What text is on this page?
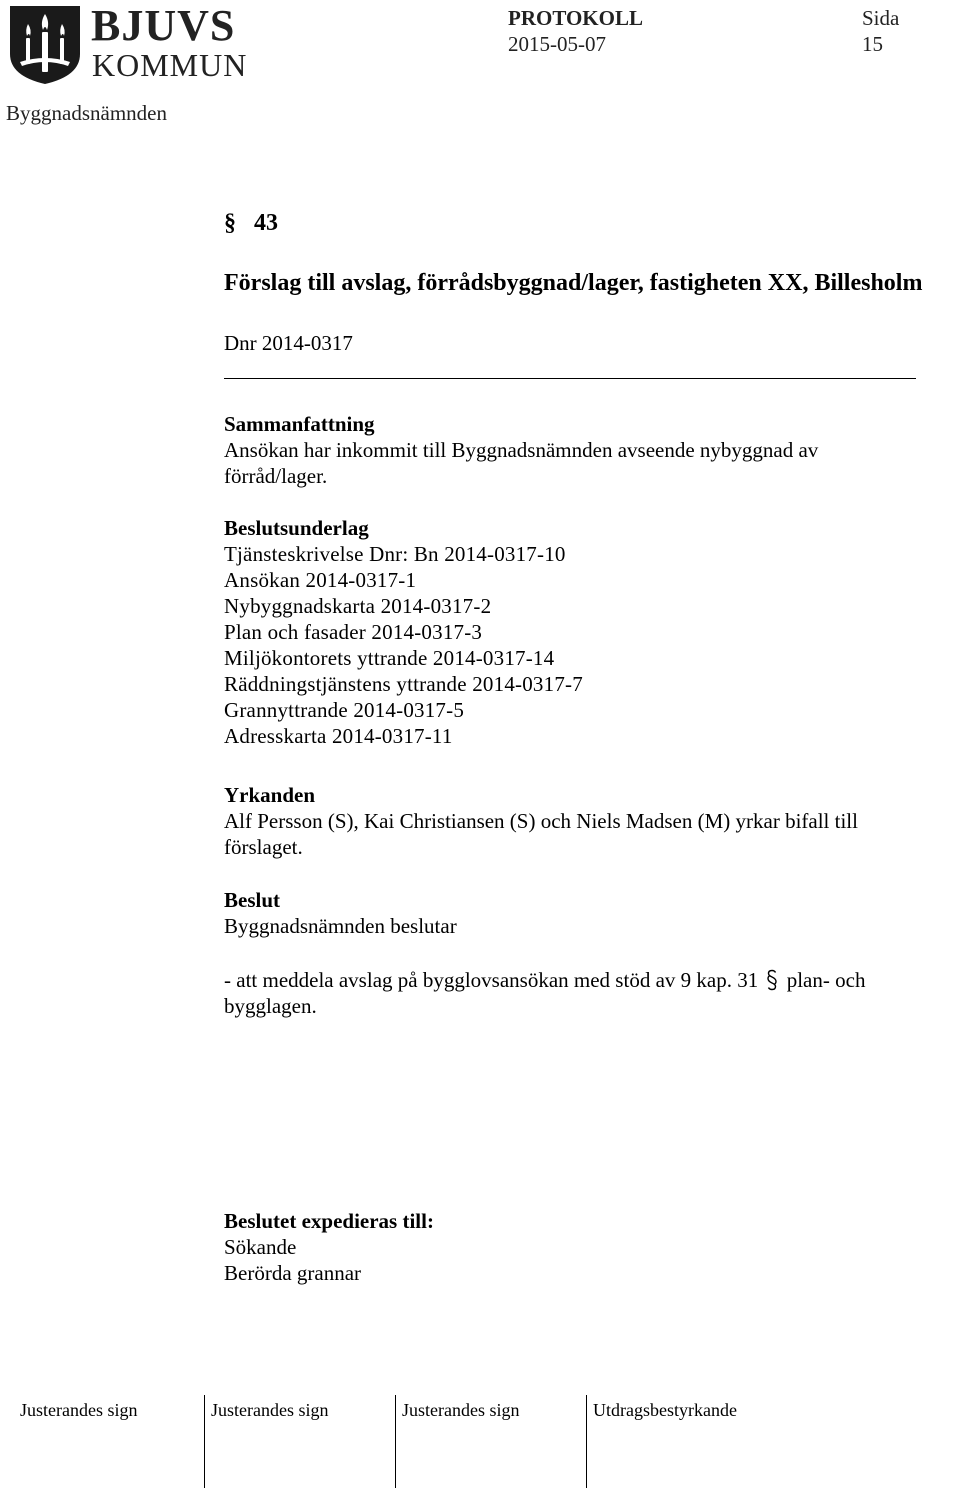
BJUVS
KOMMUN
PROTOKOLL
2015-05-07
Sida
15
Byggnadsnämnden
§ 43
Förslag till avslag, förrådsbyggnad/lager, fastigheten XX, Billesholm
Dnr 2014-0317
Sammanfattning
Ansökan har inkommit till Byggnadsnämnden avseende nybyggnad av förråd/lager.
Beslutsunderlag
Tjänsteskrivelse Dnr: Bn 2014-0317-10
Ansökan 2014-0317-1
Nybyggnadskarta 2014-0317-2
Plan och fasader 2014-0317-3
Miljökontorets yttrande 2014-0317-14
Räddningstjänstens yttrande 2014-0317-7
Grannyttrande 2014-0317-5
Adresskarta 2014-0317-11
Yrkanden
Alf Persson (S), Kai Christiansen (S) och Niels Madsen (M) yrkar bifall till förslaget.
Beslut
Byggnadsnämnden beslutar
- att meddela avslag på bygglovsansökan med stöd av 9 kap. 31 plan- och bygglagen.
Beslutet expedieras till:
Sökande
Berörda grannar
Justerandes sign	Justerandes sign	Justerandes sign	Utdragsbestyrkande
